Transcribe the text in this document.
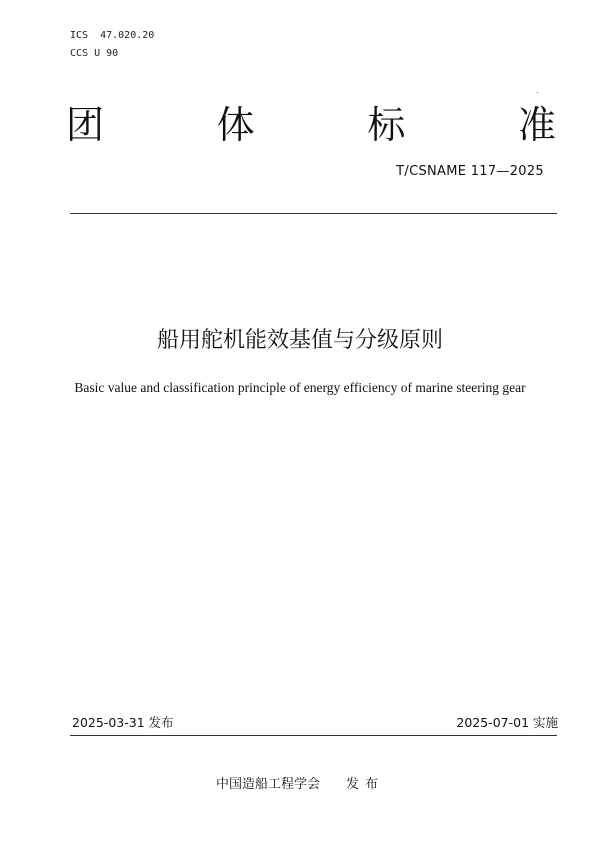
ICS  47.020.20
CCS U 90
团	体	标	准
T/CSNAME 117—2025
船用舵机能效基值与分级原则
Basic value and classification principle of energy efficiency of marine steering gear
2025-03-31 发布	2025-07-01 实施
中国造船工程学会 发布
